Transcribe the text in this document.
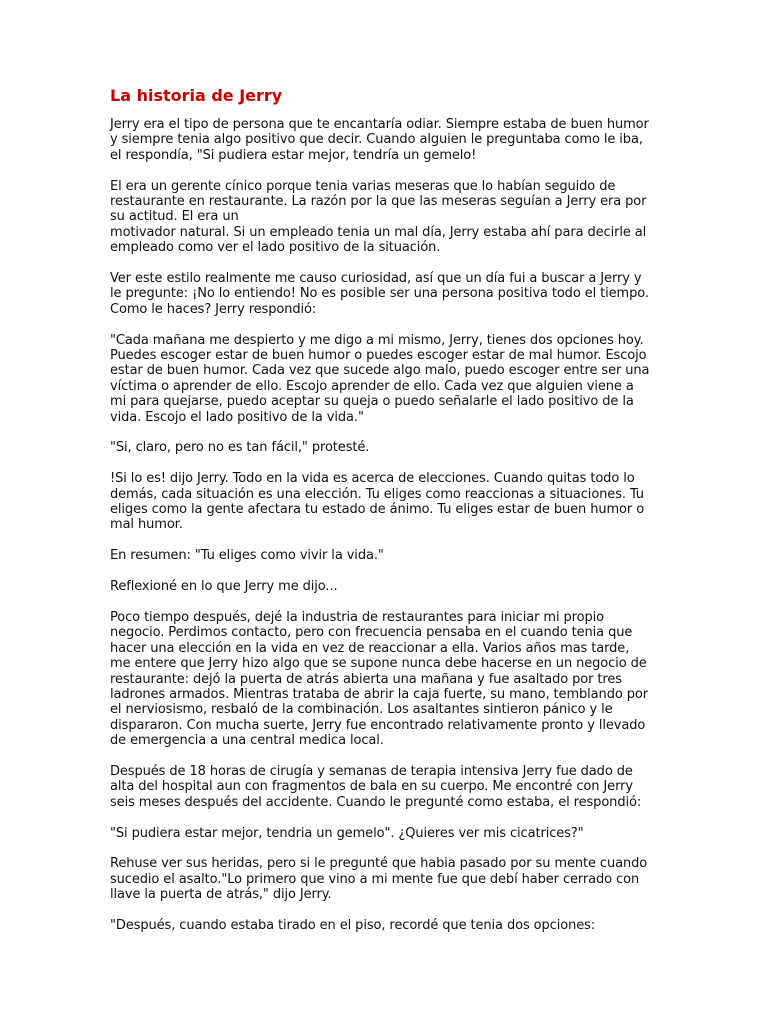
La historia de Jerry

Jerry era el tipo de persona que te encantaría odiar. Siempre estaba de buen humor
y siempre tenia algo positivo que decir. Cuando alguien le preguntaba como le iba,
el respondía, "Si pudiera estar mejor, tendría un gemelo!

El era un gerente cínico porque tenia varias meseras que lo habían seguido de
restaurante en restaurante. La razón por la que las meseras seguían a Jerry era por
su actitud. El era un
motivador natural. Si un empleado tenia un mal día, Jerry estaba ahí para decirle al
empleado como ver el lado positivo de la situación.

Ver este estilo realmente me causo curiosidad, así que un día fui a buscar a Jerry y
le pregunte: ¡No lo entiendo! No es posible ser una persona positiva todo el tiempo.
Como le haces? Jerry respondió:

"Cada mañana me despierto y me digo a mi mismo, Jerry, tienes dos opciones hoy.
Puedes escoger estar de buen humor o puedes escoger estar de mal humor. Escojo
estar de buen humor. Cada vez que sucede algo malo, puedo escoger entre ser una
víctima o aprender de ello. Escojo aprender de ello. Cada vez que alguien viene a
mi para quejarse, puedo aceptar su queja o puedo señalarle el lado positivo de la
vida. Escojo el lado positivo de la vida."

"Si, claro, pero no es tan fácil," protesté.

!Si lo es! dijo Jerry. Todo en la vida es acerca de elecciones. Cuando quitas todo lo
demás, cada situación es una elección. Tu eliges como reaccionas a situaciones. Tu
eliges como la gente afectara tu estado de ánimo. Tu eliges estar de buen humor o
mal humor.

En resumen: "Tu eliges como vivir la vida."

Reflexioné en lo que Jerry me dijo...

Poco tiempo después, dejé la industria de restaurantes para iniciar mi propio
negocio. Perdimos contacto, pero con frecuencia pensaba en el cuando tenia que
hacer una elección en la vida en vez de reaccionar a ella. Varios años mas tarde,
me entere que Jerry hizo algo que se supone nunca debe hacerse en un negocio de
restaurante: dejó la puerta de atrás abierta una mañana y fue asaltado por tres
ladrones armados. Mientras trataba de abrir la caja fuerte, su mano, temblando por
el nerviosismo, resbaló de la combinación. Los asaltantes sintieron pánico y le
dispararon. Con mucha suerte, Jerry fue encontrado relativamente pronto y llevado
de emergencia a una central medica local.

Después de 18 horas de cirugía y semanas de terapia intensiva Jerry fue dado de
alta del hospital aun con fragmentos de bala en su cuerpo. Me encontré con Jerry
seis meses después del accidente. Cuando le pregunté como estaba, el respondió:

"Si pudiera estar mejor, tendria un gemelo". ¿Quieres ver mis cicatrices?"

Rehuse ver sus heridas, pero si le pregunté que habia pasado por su mente cuando
sucedio el asalto."Lo primero que vino a mi mente fue que debí haber cerrado con
llave la puerta de atrás," dijo Jerry.

"Después, cuando estaba tirado en el piso, recordé que tenia dos opciones:
